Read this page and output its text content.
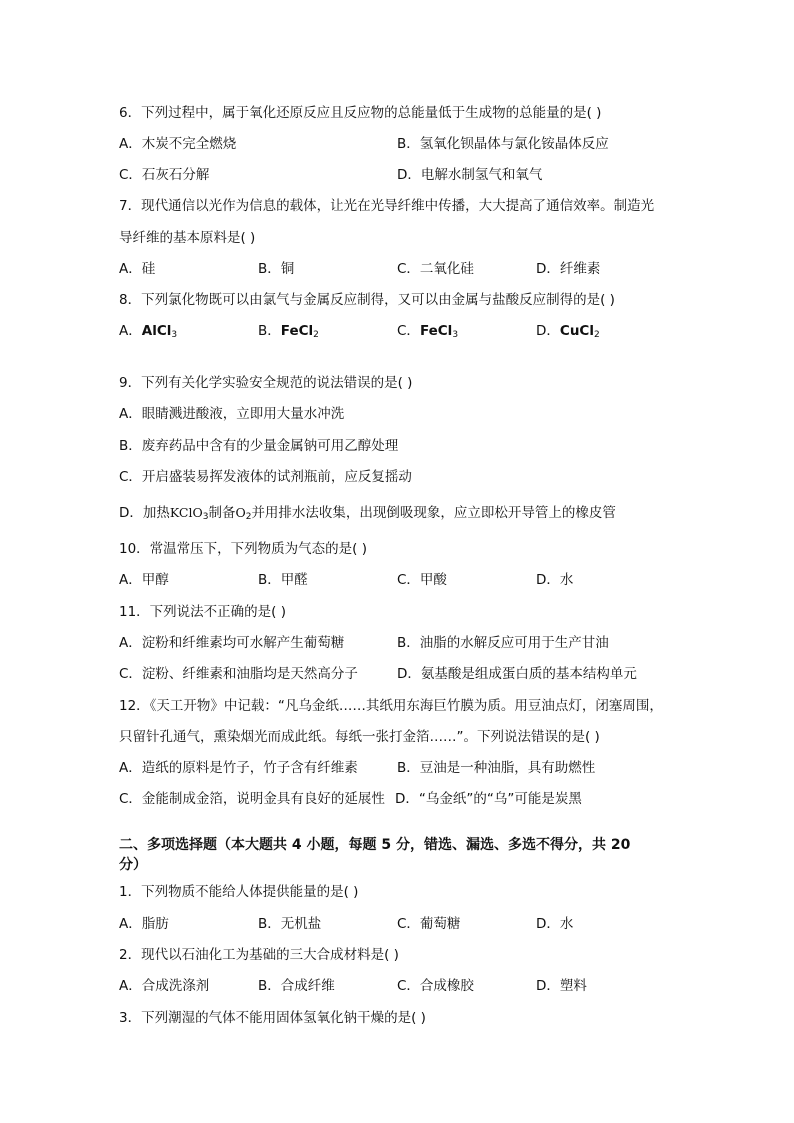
6．下列过程中，属于氧化还原反应且反应物的总能量低于生成物的总能量的是( )
A．木炭不完全燃烧	B．氢氧化钡晶体与氯化铵晶体反应
C．石灰石分解	D．电解水制氢气和氧气
7．现代通信以光作为信息的载体，让光在光导纤维中传播，大大提高了通信效率。制造光
导纤维的基本原料是( )
A．硅	B．铜	C．二氧化硅	D．纤维素
8．下列氯化物既可以由氯气与金属反应制得，又可以由金属与盐酸反应制得的是( )
A．AlCl$_3$	B．FeCl$_2$	C．FeCl$_3$	D．CuCl$_2$
9．下列有关化学实验安全规范的说法错误的是( )
A．眼睛溅进酸液，立即用大量水冲洗
B．废弃药品中含有的少量金属钠可用乙醇处理
C．开启盛装易挥发液体的试剂瓶前，应反复摇动
D．加热KClO$_3$制备$O_2$并用排水法收集，出现倒吸现象，应立即松开导管上的橡皮管
10．常温常压下，下列物质为气态的是( )
A．甲醇	B．甲醛	C．甲酸	D．水
11．下列说法不正确的是( )
A．淀粉和纤维素均可水解产生葡萄糖	B．油脂的水解反应可用于生产甘油
C．淀粉、纤维素和油脂均是天然高分子	D．氨基酸是组成蛋白质的基本结构单元
12．《天工开物》中记载：“凡乌金纸……其纸用东海巨竹膜为质。用豆油点灯，闭塞周围，
只留针孔通气，熏染烟光而成此纸。每纸一张打金箔……”。下列说法错误的是( )
A．造纸的原料是竹子，竹子含有纤维素	B．豆油是一种油脂，具有助燃性
C．金能制成金箔，说明金具有良好的延展性 D．“乌金纸”的“乌”可能是炭黑
二、多项选择题（本大题共 4 小题，每题 5 分，错选、漏选、多选不得分，共 20
分）
1．下列物质不能给人体提供能量的是( )
A．脂肪	B．无机盐	C．葡萄糖	D．水
2．现代以石油化工为基础的三大合成材料是( )
A．合成洗涤剂	B．合成纤维	C．合成橡胶	D．塑料
3．下列潮湿的气体不能用固体氢氧化钠干燥的是( )
